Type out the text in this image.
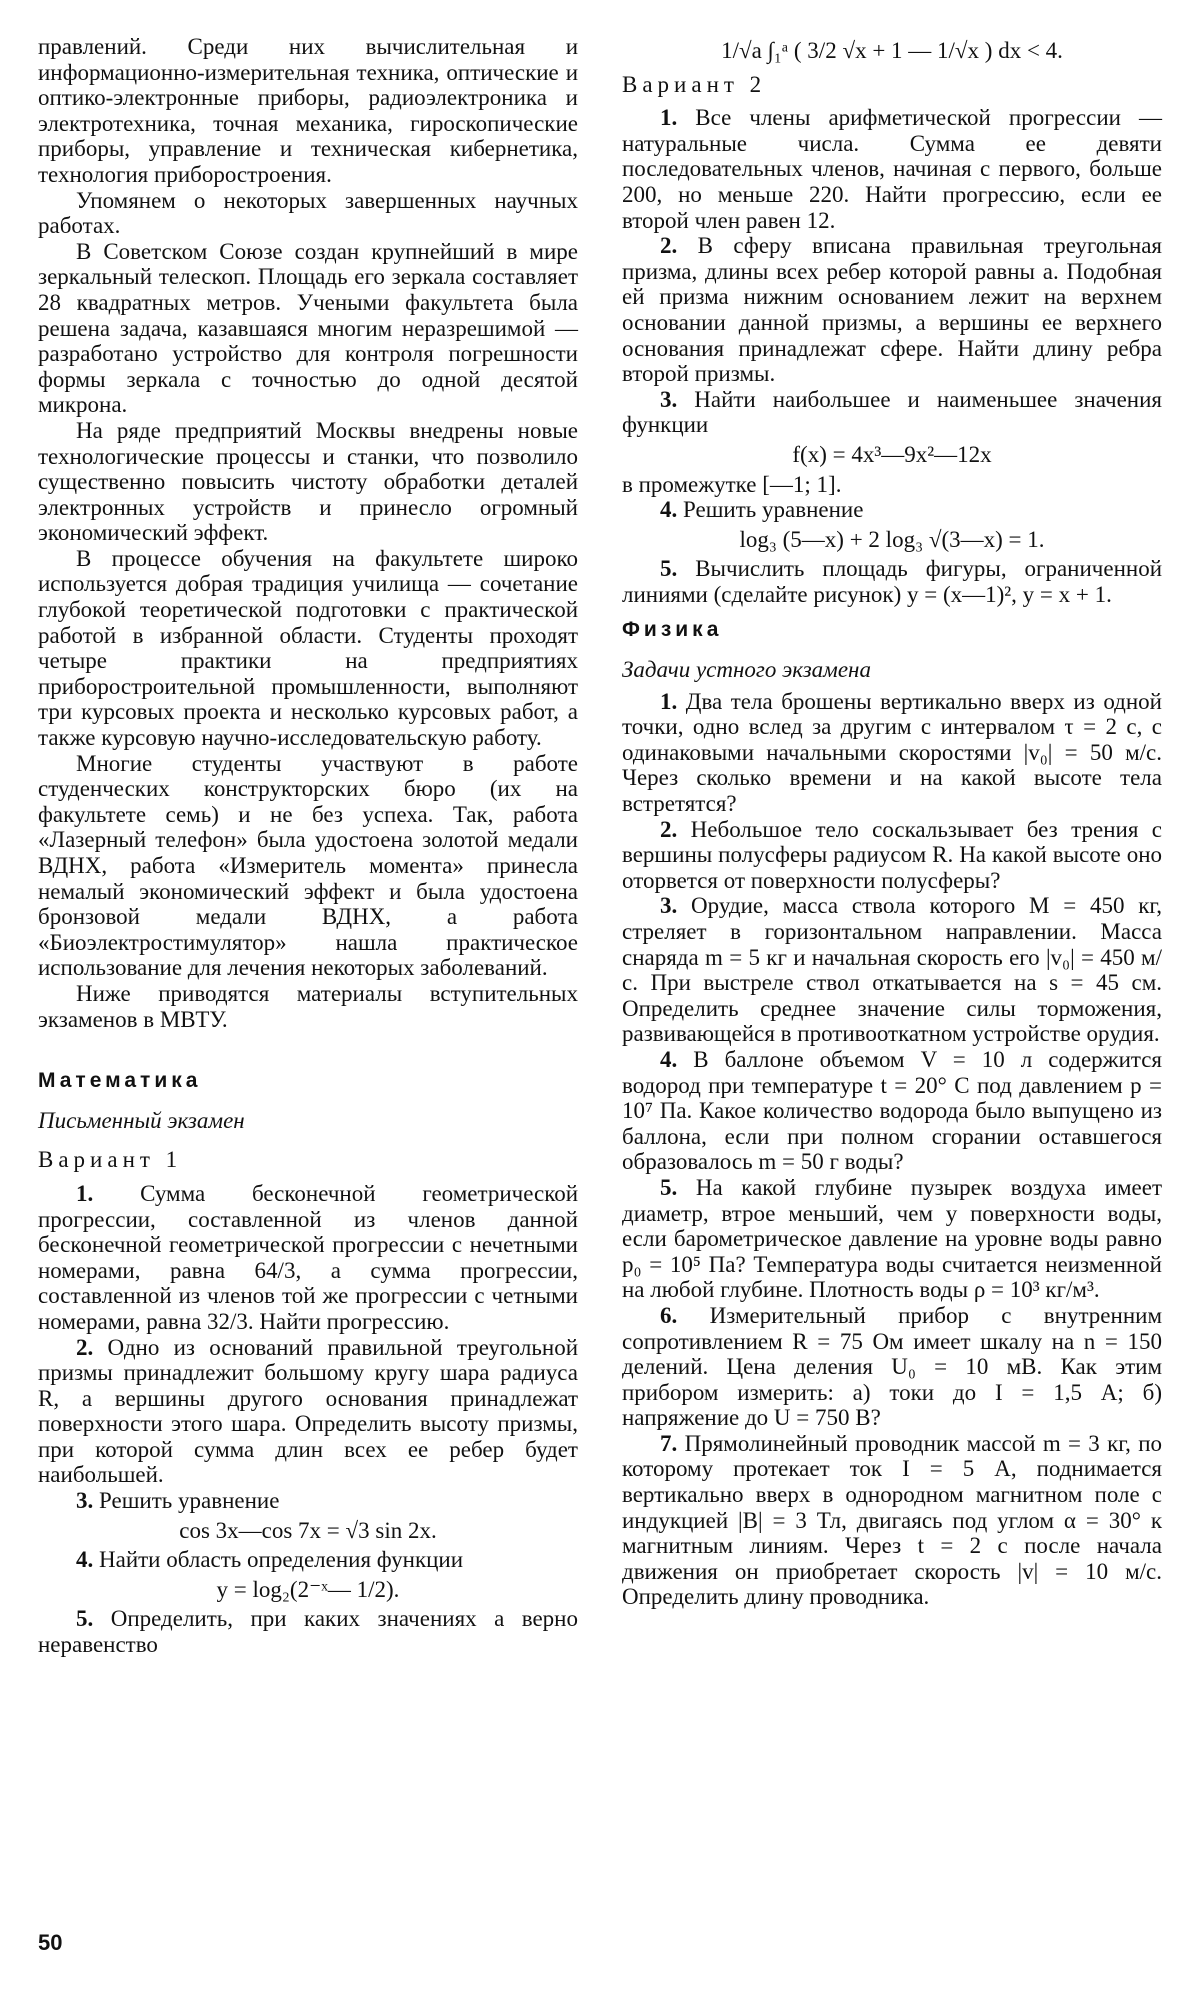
правлений. Среди них вычислительная и информационно-измерительная техника, оптические и оптико-электронные приборы, радиоэлектроника и электротехника, точная механика, гироскопические приборы, управление и техническая кибернетика, технология приборостроения.

Упомянем о некоторых завершенных научных работах.

В Советском Союзе создан крупнейший в мире зеркальный телескоп. Площадь его зеркала составляет 28 квадратных метров. Учеными факультета была решена задача, казавшаяся многим неразрешимой — разработано устройство для контроля погрешности формы зеркала с точностью до одной десятой микрона.

На ряде предприятий Москвы внедрены новые технологические процессы и станки, что позволило существенно повысить чистоту обработки деталей электронных устройств и принесло огромный экономический эффект.

В процессе обучения на факультете широко используется добрая традиция училища — сочетание глубокой теоретической подготовки с практической работой в избранной области. Студенты проходят четыре практики на предприятиях приборостроительной промышленности, выполняют три курсовых проекта и несколько курсовых работ, а также курсовую научно-исследовательскую работу.

Многие студенты участвуют в работе студенческих конструкторских бюро (их на факультете семь) и не без успеха. Так, работа «Лазерный телефон» была удостоена золотой медали ВДНХ, работа «Измеритель момента» принесла немалый экономический эффект и была удостоена бронзовой медали ВДНХ, а работа «Биоэлектростимулятор» нашла практическое использование для лечения некоторых заболеваний.

Ниже приводятся материалы вступительных экзаменов в МВТУ.

Математика

Письменный экзамен

Вариант 1

1. Сумма бесконечной геометрической прогрессии, составленной из членов данной бесконечной геометрической прогрессии с нечетными номерами, равна 64/3, а сумма прогрессии, составленной из членов той же прогрессии с четными номерами, равна 32/3. Найти прогрессию.

2. Одно из оснований правильной треугольной призмы принадлежит большому кругу шара радиуса R, а вершины другого основания принадлежат поверхности этого шара. Определить высоту призмы, при которой сумма длин всех ее ребер будет наибольшей.

3. Решить уравнение

cos 3x—cos 7x = √3 sin 2x.

4. Найти область определения функции

y = log₂(2⁻ˣ— 1/2).

5. Определить, при каких значениях a верно неравенство

1/√a ∫₁ᵃ ( 3/2 √x + 1 — 1/√x ) dx < 4.

Вариант 2

1. Все члены арифметической прогрессии — натуральные числа. Сумма ее девяти последовательных членов, начиная с первого, больше 200, но меньше 220. Найти прогрессию, если ее второй член равен 12.

2. В сферу вписана правильная треугольная призма, длины всех ребер которой равны a. Подобная ей призма нижним основанием лежит на верхнем основании данной призмы, а вершины ее верхнего основания принадлежат сфере. Найти длину ребра второй призмы.

3. Найти наибольшее и наименьшее значения функции

f(x) = 4x³—9x²—12x

в промежутке [—1; 1].

4. Решить уравнение

log₃ (5—x) + 2 log₃ √(3—x) = 1.

5. Вычислить площадь фигуры, ограниченной линиями (сделайте рисунок) y = (x—1)², y = x + 1.

Физика

Задачи устного экзамена

1. Два тела брошены вертикально вверх из одной точки, одно вслед за другим с интервалом τ = 2 с, с одинаковыми начальными скоростями |v₀| = 50 м/с. Через сколько времени и на какой высоте тела встретятся?

2. Небольшое тело соскальзывает без трения с вершины полусферы радиусом R. На какой высоте оно оторвется от поверхности полусферы?

3. Орудие, масса ствола которого M = 450 кг, стреляет в горизонтальном направлении. Масса снаряда m = 5 кг и начальная скорость его |v₀| = 450 м/с. При выстреле ствол откатывается на s = 45 см. Определить среднее значение силы торможения, развивающейся в противооткатном устройстве орудия.

4. В баллоне объемом V = 10 л содержится водород при температуре t = 20° С под давлением p = 10⁷ Па. Какое количество водорода было выпущено из баллона, если при полном сгорании оставшегося образовалось m = 50 г воды?

5. На какой глубине пузырек воздуха имеет диаметр, втрое меньший, чем у поверхности воды, если барометрическое давление на уровне воды равно p₀ = 10⁵ Па? Температура воды считается неизменной на любой глубине. Плотность воды ρ = 10³ кг/м³.

6. Измерительный прибор с внутренним сопротивлением R = 75 Ом имеет шкалу на n = 150 делений. Цена деления U₀ = 10 мВ. Как этим прибором измерить: а) токи до I = 1,5 А; б) напряжение до U = 750 В?

7. Прямолинейный проводник массой m = 3 кг, по которому протекает ток I = 5 А, поднимается вертикально вверх в однородном магнитном поле с индукцией |B| = 3 Тл, двигаясь под углом α = 30° к магнитным линиям. Через t = 2 с после начала движения он приобретает скорость |v| = 10 м/с. Определить длину проводника.

50
